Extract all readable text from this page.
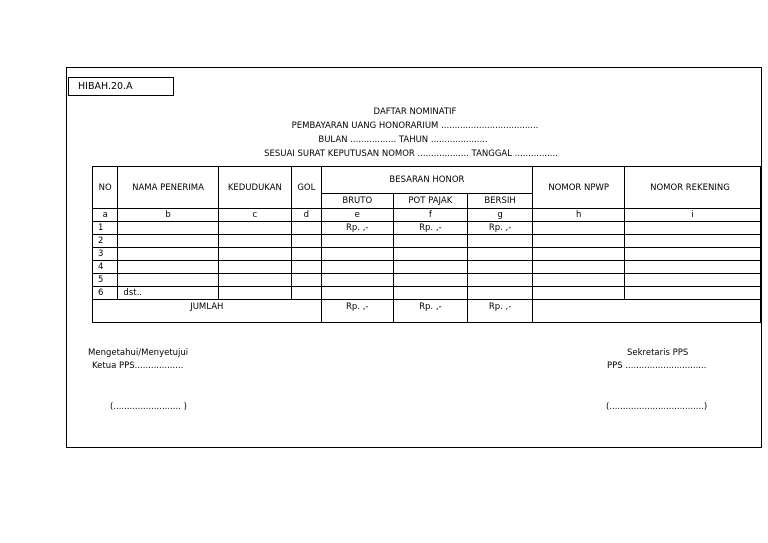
HIBAH.20.A
DAFTAR NOMINATIF
PEMBAYARAN UANG HONORARIUM ....................................
BULAN ................. TAHUN .....................
SESUAI SURAT KEPUTUSAN NOMOR ................... TANGGAL ................
NO	NAMA PENERIMA	KEDUDUKAN	GOL	BESARAN HONOR			NOMOR NPWP	NOMOR REKENING
				BRUTO	POT PAJAK	BERSIH		
a	b	c	d	e	f	g	h	i
1				Rp. ,-	Rp. ,-	Rp. ,-		
2								
3								
4								
5								
6	dst..							
JUMLAH				Rp. ,-	Rp. ,-	Rp. ,-		
Mengetahui/Menyetujui
Ketua PPS..................
(......................... )
Sekretaris PPS
PPS ..............................
(...................................)
